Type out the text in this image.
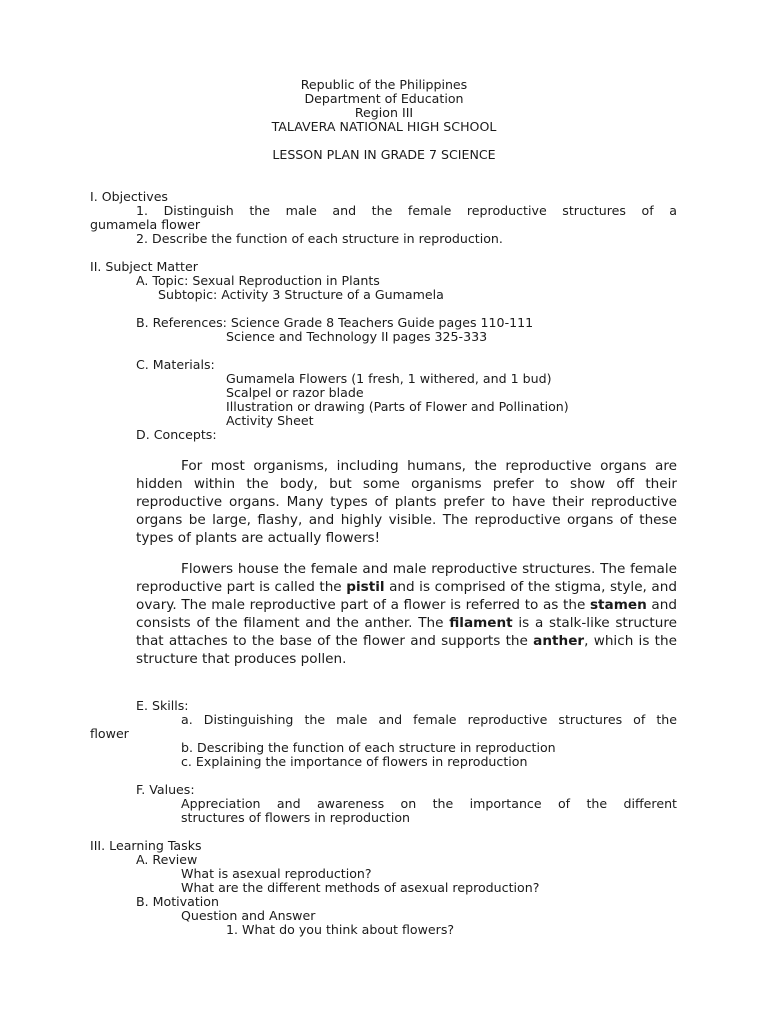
Republic of the Philippines
Department of Education
Region III
TALAVERA NATIONAL HIGH SCHOOL
LESSON PLAN IN GRADE 7 SCIENCE
I. Objectives
1. Distinguish the male and the female reproductive structures of a
gumamela flower
2. Describe the function of each structure in reproduction.
II. Subject Matter
A. Topic: Sexual Reproduction in Plants
Subtopic: Activity 3 Structure of a Gumamela
B. References: Science Grade 8 Teachers Guide pages 110-111
Science and Technology II pages 325-333
C. Materials:
Gumamela Flowers (1 fresh, 1 withered, and 1 bud)
Scalpel or razor blade
Illustration or drawing (Parts of Flower and Pollination)
Activity Sheet
D. Concepts:
For most organisms, including humans, the reproductive organs are hidden within the body, but some organisms prefer to show off their reproductive organs. Many types of plants prefer to have their reproductive organs be large, flashy, and highly visible. The reproductive organs of these types of plants are actually flowers!
Flowers house the female and male reproductive structures. The female reproductive part is called the pistil and is comprised of the stigma, style, and ovary. The male reproductive part of a flower is referred to as the stamen and consists of the filament and the anther. The filament is a stalk-like structure that attaches to the base of the flower and supports the anther, which is the structure that produces pollen.
E. Skills:
a. Distinguishing the male and female reproductive structures of the
flower
b. Describing the function of each structure in reproduction
c. Explaining the importance of flowers in reproduction
F. Values:
Appreciation and awareness on the importance of the different
structures of flowers in reproduction
III. Learning Tasks
A. Review
What is asexual reproduction?
What are the different methods of asexual reproduction?
B. Motivation
Question and Answer
1. What do you think about flowers?
